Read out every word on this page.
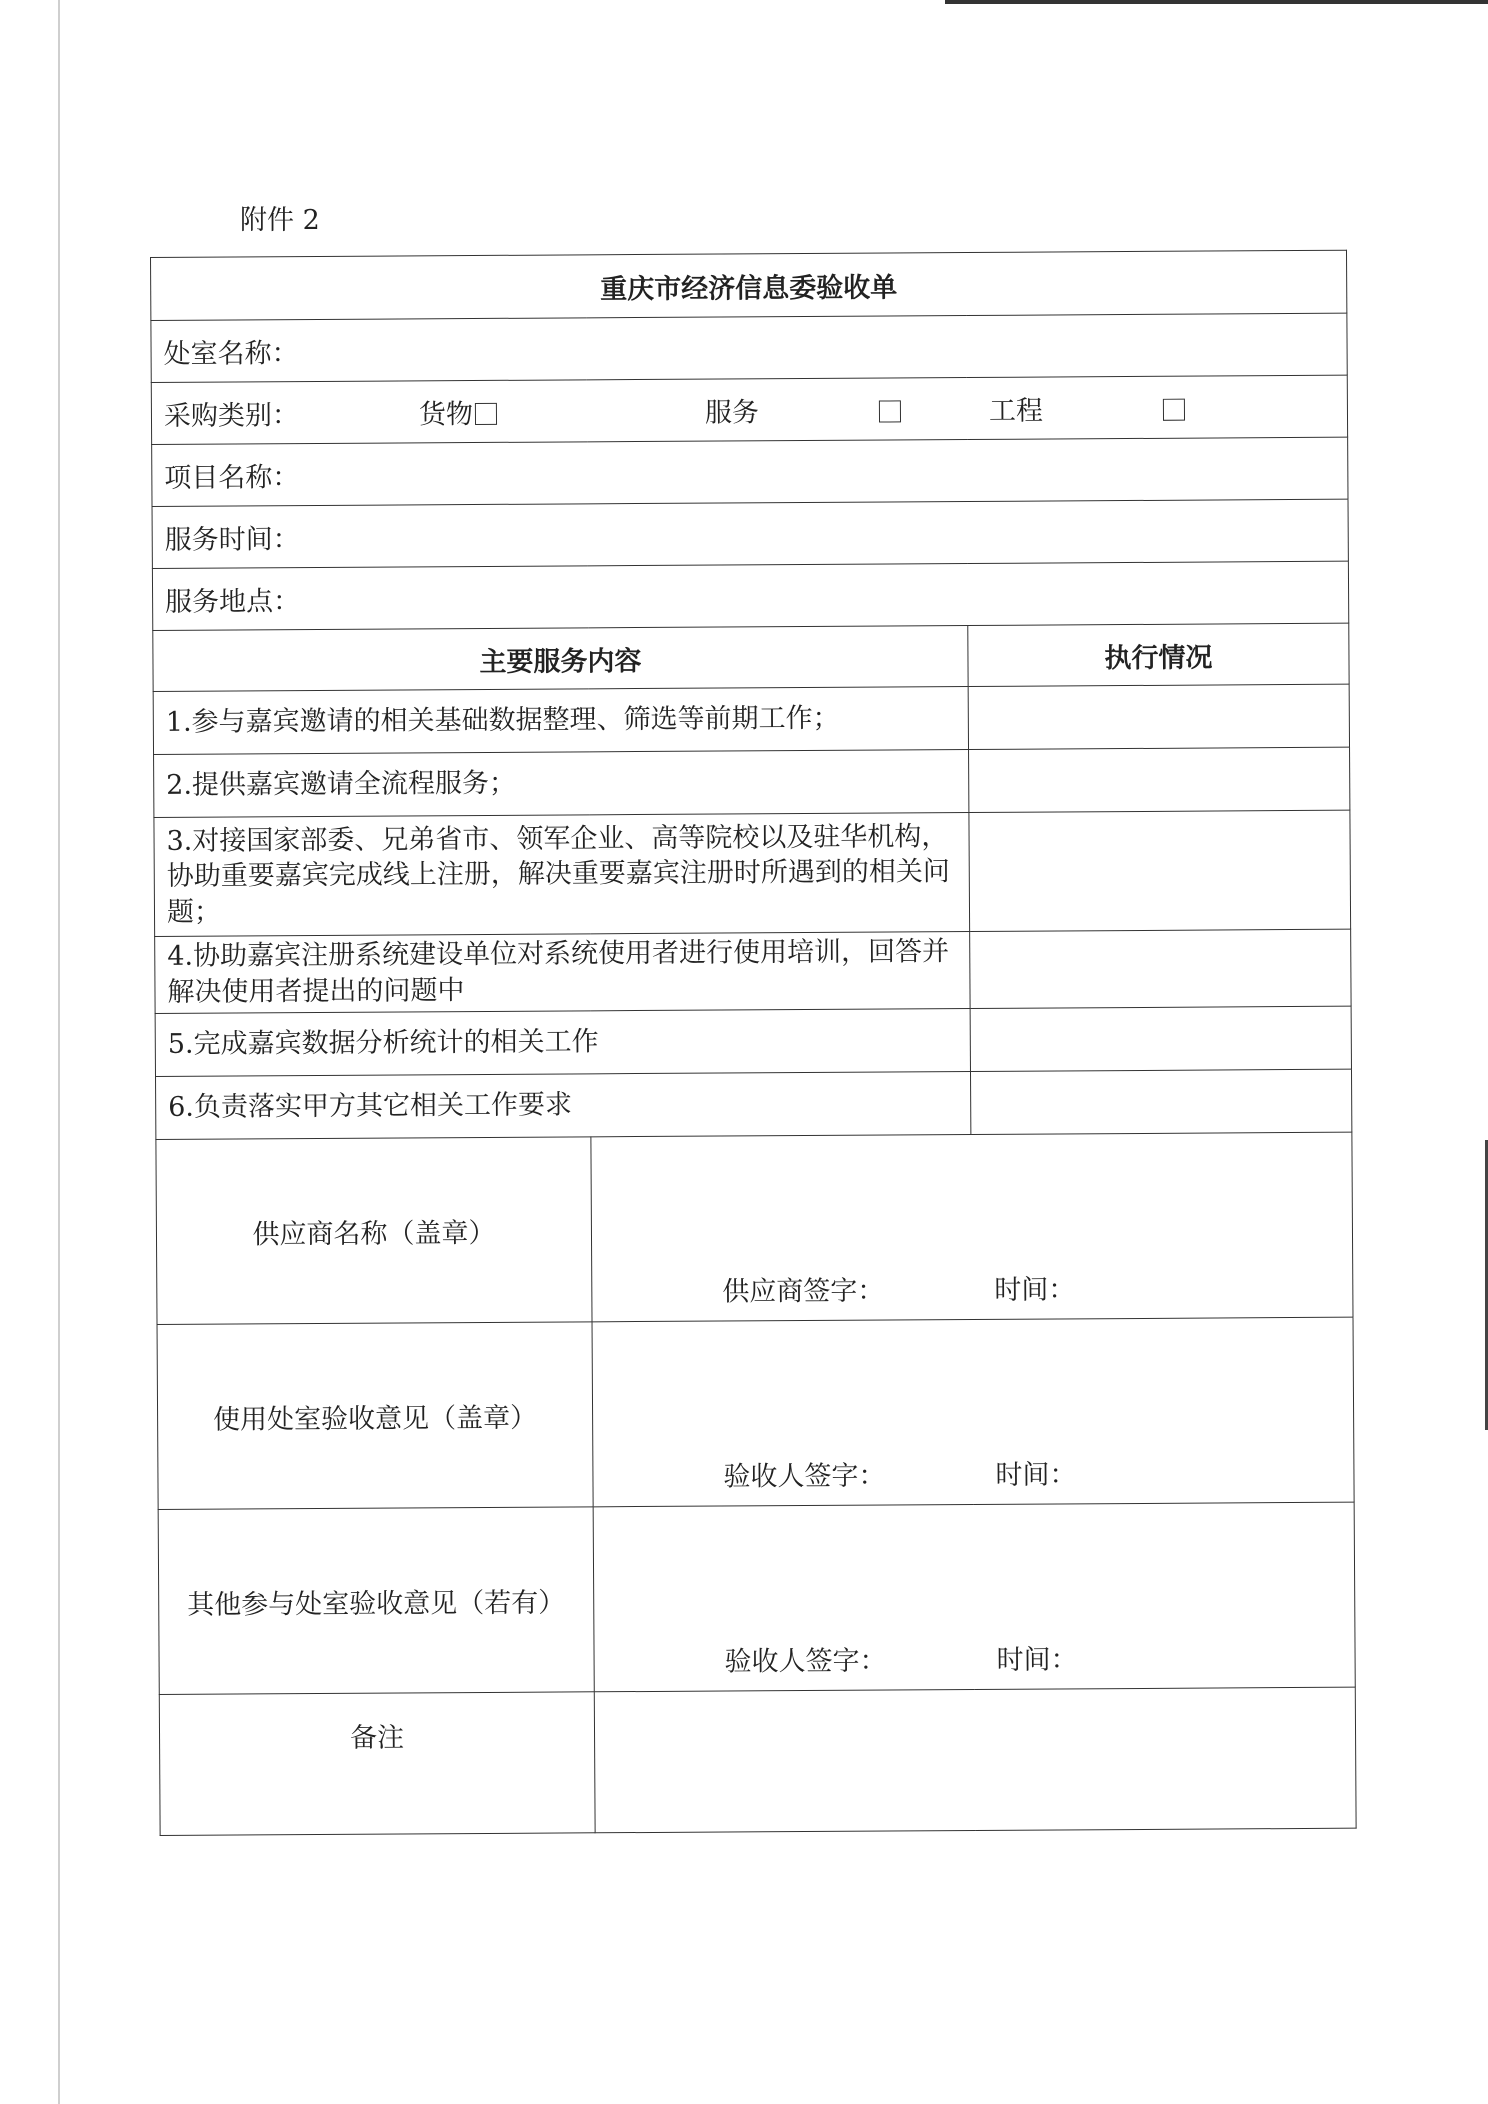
附件 2
重庆市经济信息委验收单		
处室名称：		

采购类别： 货物 服务 工程		

项目名称：		
服务时间：		
服务地点：		
主要服务内容		执行情况
1.参与嘉宾邀请的相关基础数据整理、筛选等前期工作；		
2.提供嘉宾邀请全流程服务；		
3.对接国家部委、兄弟省市、领军企业、高等院校以及驻华机构，协助重要嘉宾完成线上注册，解决重要嘉宾注册时所遇到的相关问题；		
4.协助嘉宾注册系统建设单位对系统使用者进行使用培训，回答并解决使用者提出的问题中		
5.完成嘉宾数据分析统计的相关工作		
6.负责落实甲方其它相关工作要求		
供应商名称（盖章）	供应商签字： 时间：	

使用处室验收意见（盖章）	验收人签字： 时间：	

其他参与处室验收意见（若有）	验收人签字： 时间：	

备注		
